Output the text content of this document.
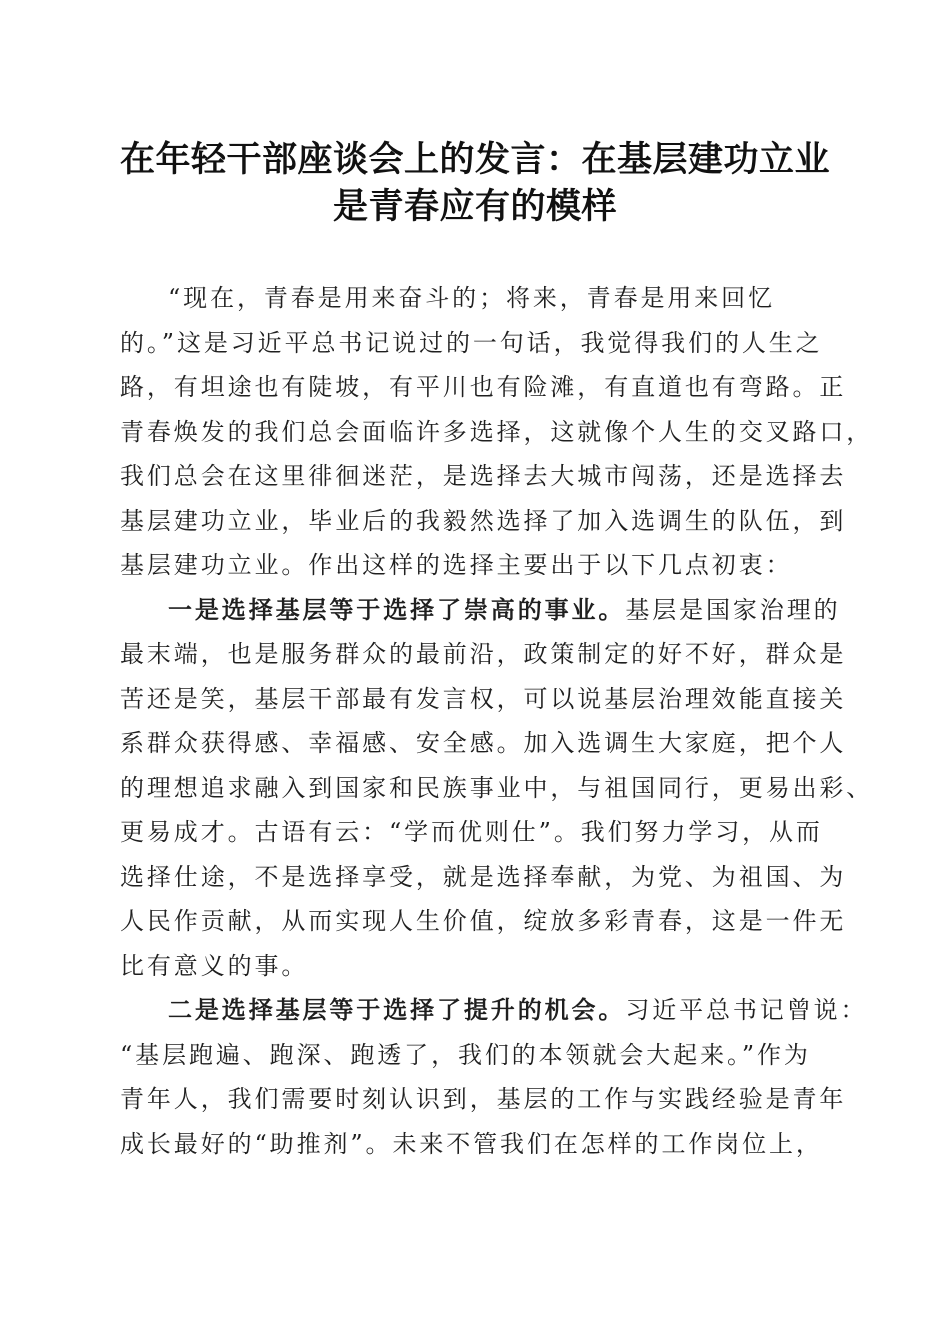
在年轻干部座谈会上的发言：在基层建功立业
是青春应有的模样

“现在，青春是用来奋斗的；将来，青春是用来回忆
的。”这是习近平总书记说过的一句话，我觉得我们的人生之
路，有坦途也有陡坡，有平川也有险滩，有直道也有弯路。正
青春焕发的我们总会面临许多选择，这就像个人生的交叉路口，
我们总会在这里徘徊迷茫，是选择去大城市闯荡，还是选择去
基层建功立业，毕业后的我毅然选择了加入选调生的队伍，到
基层建功立业。作出这样的选择主要出于以下几点初衷：

一是选择基层等于选择了崇高的事业。基层是国家治理的
最末端，也是服务群众的最前沿，政策制定的好不好，群众是
苦还是笑，基层干部最有发言权，可以说基层治理效能直接关
系群众获得感、幸福感、安全感。加入选调生大家庭，把个人
的理想追求融入到国家和民族事业中，与祖国同行，更易出彩、
更易成才。古语有云：“学而优则仕”。我们努力学习，从而
选择仕途，不是选择享受，就是选择奉献，为党、为祖国、为
人民作贡献，从而实现人生价值，绽放多彩青春，这是一件无
比有意义的事。

二是选择基层等于选择了提升的机会。习近平总书记曾说：
“基层跑遍、跑深、跑透了，我们的本领就会大起来。”作为
青年人，我们需要时刻认识到，基层的工作与实践经验是青年
成长最好的“助推剂”。未来不管我们在怎样的工作岗位上，
